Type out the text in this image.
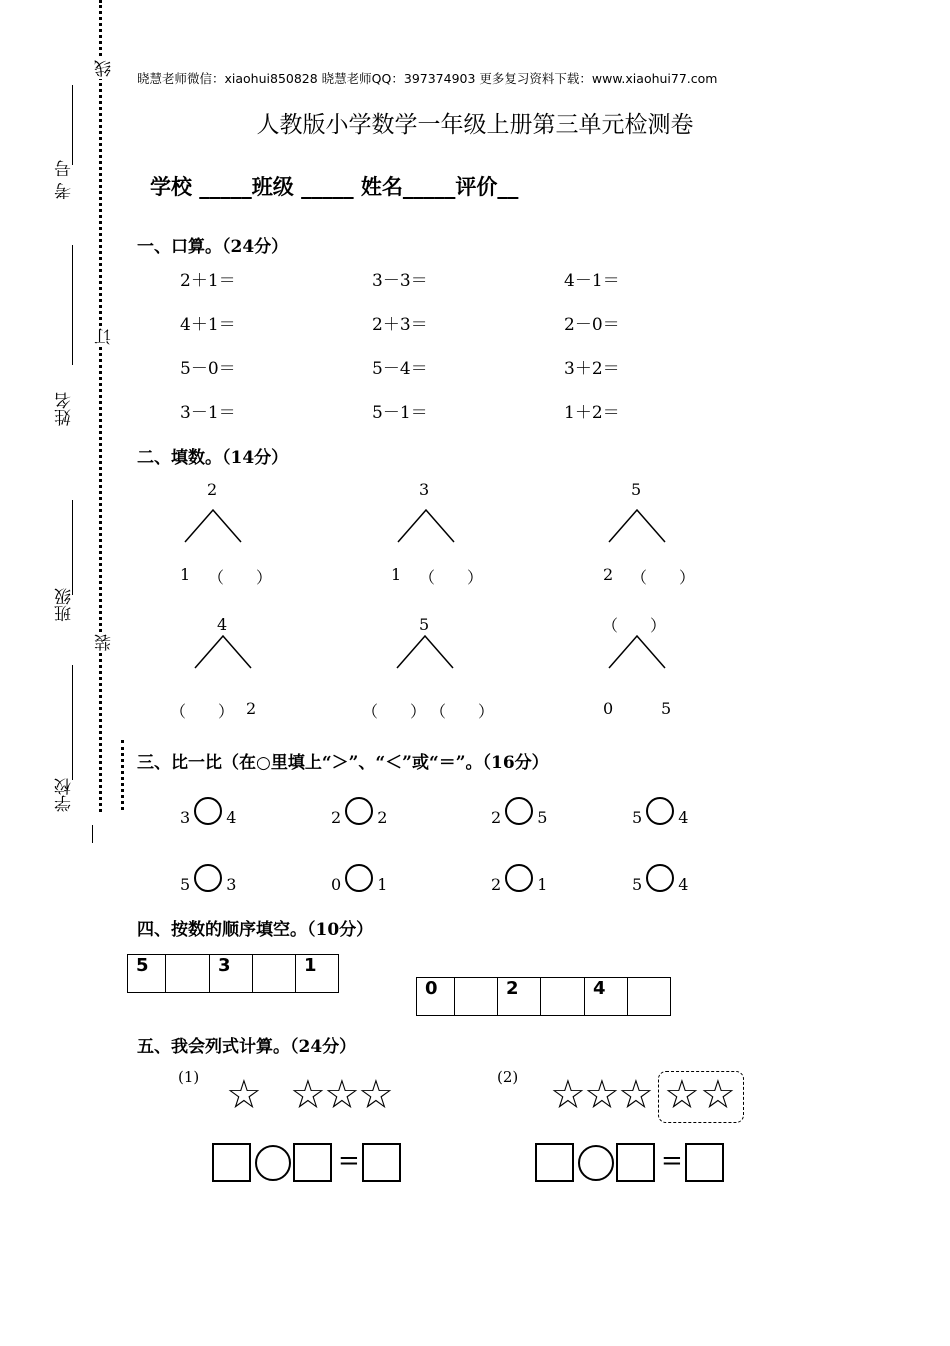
线
订
装
考 号
姓名
班级
学校
晓慧老师微信：xiaohui850828 晓慧老师QQ：397374903 更多复习资料下载：www.xiaohui77.com
人教版小学数学一年级上册第三单元检测卷
学校 _____班级 _____ 姓名_____评价__
一、口算。（24分）
2＋1＝	3－3＝	4－1＝
4＋1＝	2＋3＝	2－0＝
5－0＝	5－4＝	3＋2＝
3－1＝	5－1＝	1＋2＝
二、填数。（14分）
2
1 （　　）
3
1 （　　）
5
2 （　　）
4
（　　） 2
5
（　　） （　　）
（　　）
0	5
三、比一比（在○里填上“＞”、“＜”或“＝”。（16分）
3 4	2 2	2 5	5 4
5 3	0 1	2 1	5 4
四、按数的顺序填空。（10分）
5		3		1
0		2		4	
五、我会列式计算。（24分）
(1) ☆ ☆
☆
☆
=
(2) ☆
☆
☆ ☆ ☆
=
